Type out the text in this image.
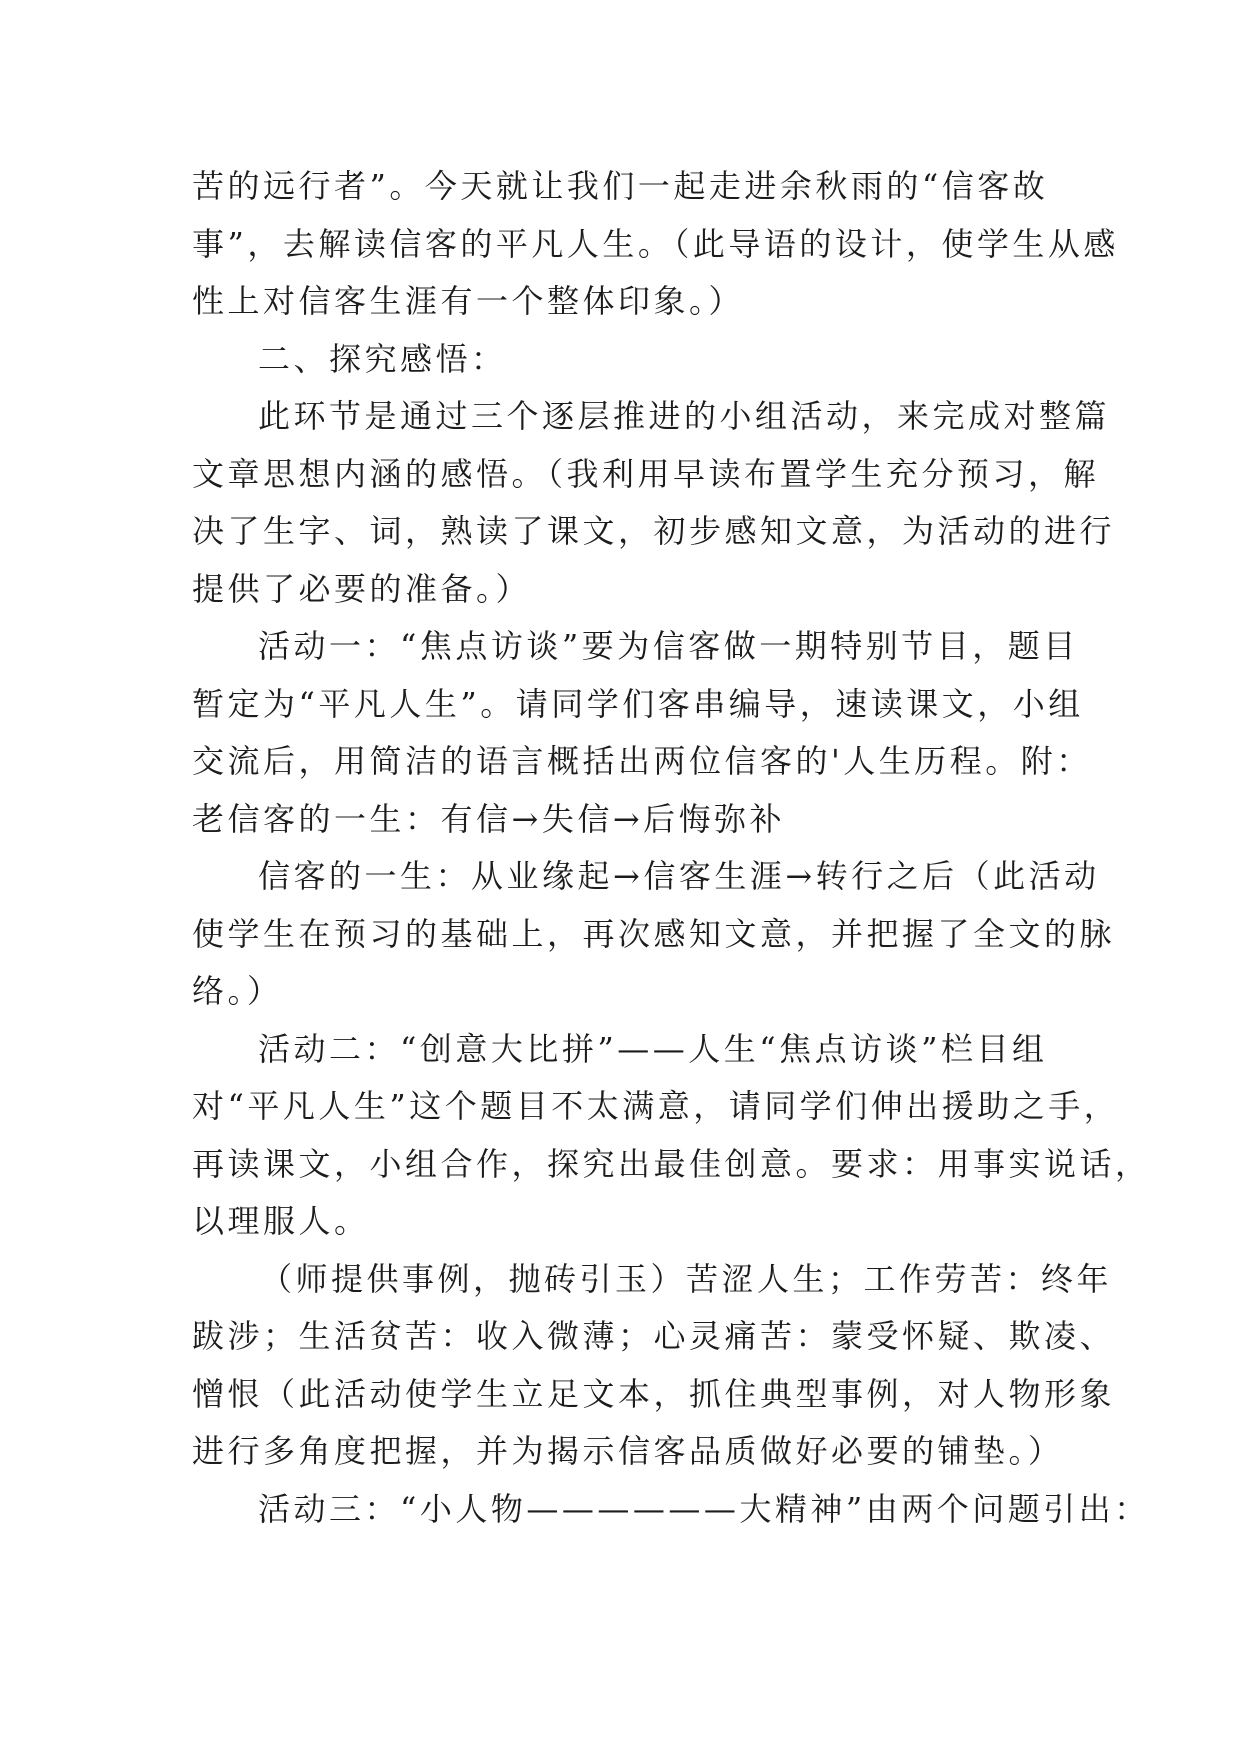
苦的远行者”。今天就让我们一起走进余秋雨的“信客故
事”，去解读信客的平凡人生。（此导语的设计，使学生从感
性上对信客生涯有一个整体印象。）
二、探究感悟：
此环节是通过三个逐层推进的小组活动，来完成对整篇
文章思想内涵的感悟。（我利用早读布置学生充分预习，解
决了生字、词，熟读了课文，初步感知文意，为活动的进行
提供了必要的准备。）
活动一：“焦点访谈”要为信客做一期特别节目，题目
暂定为“平凡人生”。请同学们客串编导，速读课文，小组
交流后，用简洁的语言概括出两位信客的'人生历程。附：
老信客的一生：有信→失信→后悔弥补
信客的一生：从业缘起→信客生涯→转行之后（此活动
使学生在预习的基础上，再次感知文意，并把握了全文的脉
络。）
活动二：“创意大比拼”——人生“焦点访谈”栏目组
对“平凡人生”这个题目不太满意，请同学们伸出援助之手，
再读课文，小组合作，探究出最佳创意。要求：用事实说话，
以理服人。
（师提供事例，抛砖引玉）苦涩人生；工作劳苦：终年
跋涉；生活贫苦：收入微薄；心灵痛苦：蒙受怀疑、欺凌、
憎恨（此活动使学生立足文本，抓住典型事例，对人物形象
进行多角度把握，并为揭示信客品质做好必要的铺垫。）
活动三：“小人物——————大精神”由两个问题引出：
